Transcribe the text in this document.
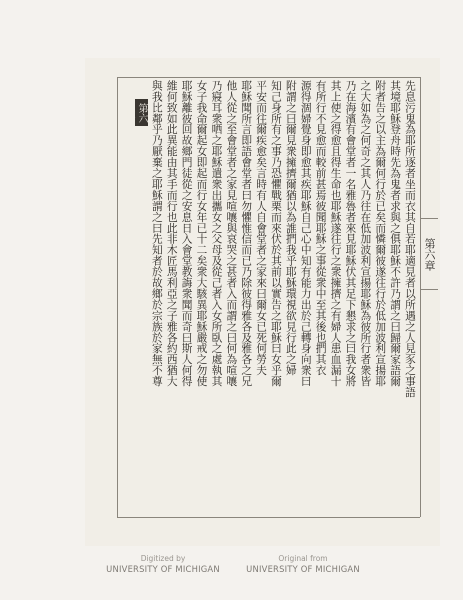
先息污鬼為耶所逐者坐而衣其自若耶適見者以所遇之人見豕之事語
其境耶穌登舟時先為鬼者求與之俱耶穌不許乃謂之曰歸爾家語爾
附者告之以主為爾何行於已矣而憐爾彼遂往行於低加波利宣揚耶
之大如為之何奇之其人乃往在低加波利宣揚耶穌為彼所行者衆皆
乃在海濱有會堂者一名雅魯者來見耶穌伏其足下懇求之曰我女將
其上使之得愈且得生命也耶穌遂往行之衆擁擠之有婦人患血漏十
有所行不見愈而較前甚焉彼聞耶穌之事從衆中至其後也捫其衣
源得涸婦覺身即愈其疾耶穌自己心中知有能力出於己轉身向衆曰
附謂之曰爾見衆擁擠爾猶以為誰捫我乎耶穌環視欲見行此之婦
知己身所有之事乃恐懼戰栗而來伏於其前以實告之耶穌曰女乎爾
平安而往爾疾愈矣言時有人自會堂者之家來曰爾女已死何勞夫
耶穌聞所言即語會堂者曰勿懼惟信而已乃除彼得雅各及雅各之兄
他人從之至會堂者之家見喧嚷與哀哭之甚者入而謂之曰何為喧嚷
乃寢耳衆哂之耶穌遣衆出攜女之父母及從己者入女所臥之處執其
女子我命爾起女即起而行女年已十二矣衆大駭異耶穌嚴戒之勿使
耶穌離彼回故鄉門徒從之安息日入會堂教誨衆聞而奇曰斯人何得
維何致如此異能由其手而行也此非木匠馬利亞之子雅各約西猶大
與我比鄰乎乃厭棄之耶穌謂之曰先知者於故鄉於宗族於家無不尊	第六章
第六段
Digitized by
UNIVERSITY OF MICHIGAN
Original from
UNIVERSITY OF MICHIGAN
